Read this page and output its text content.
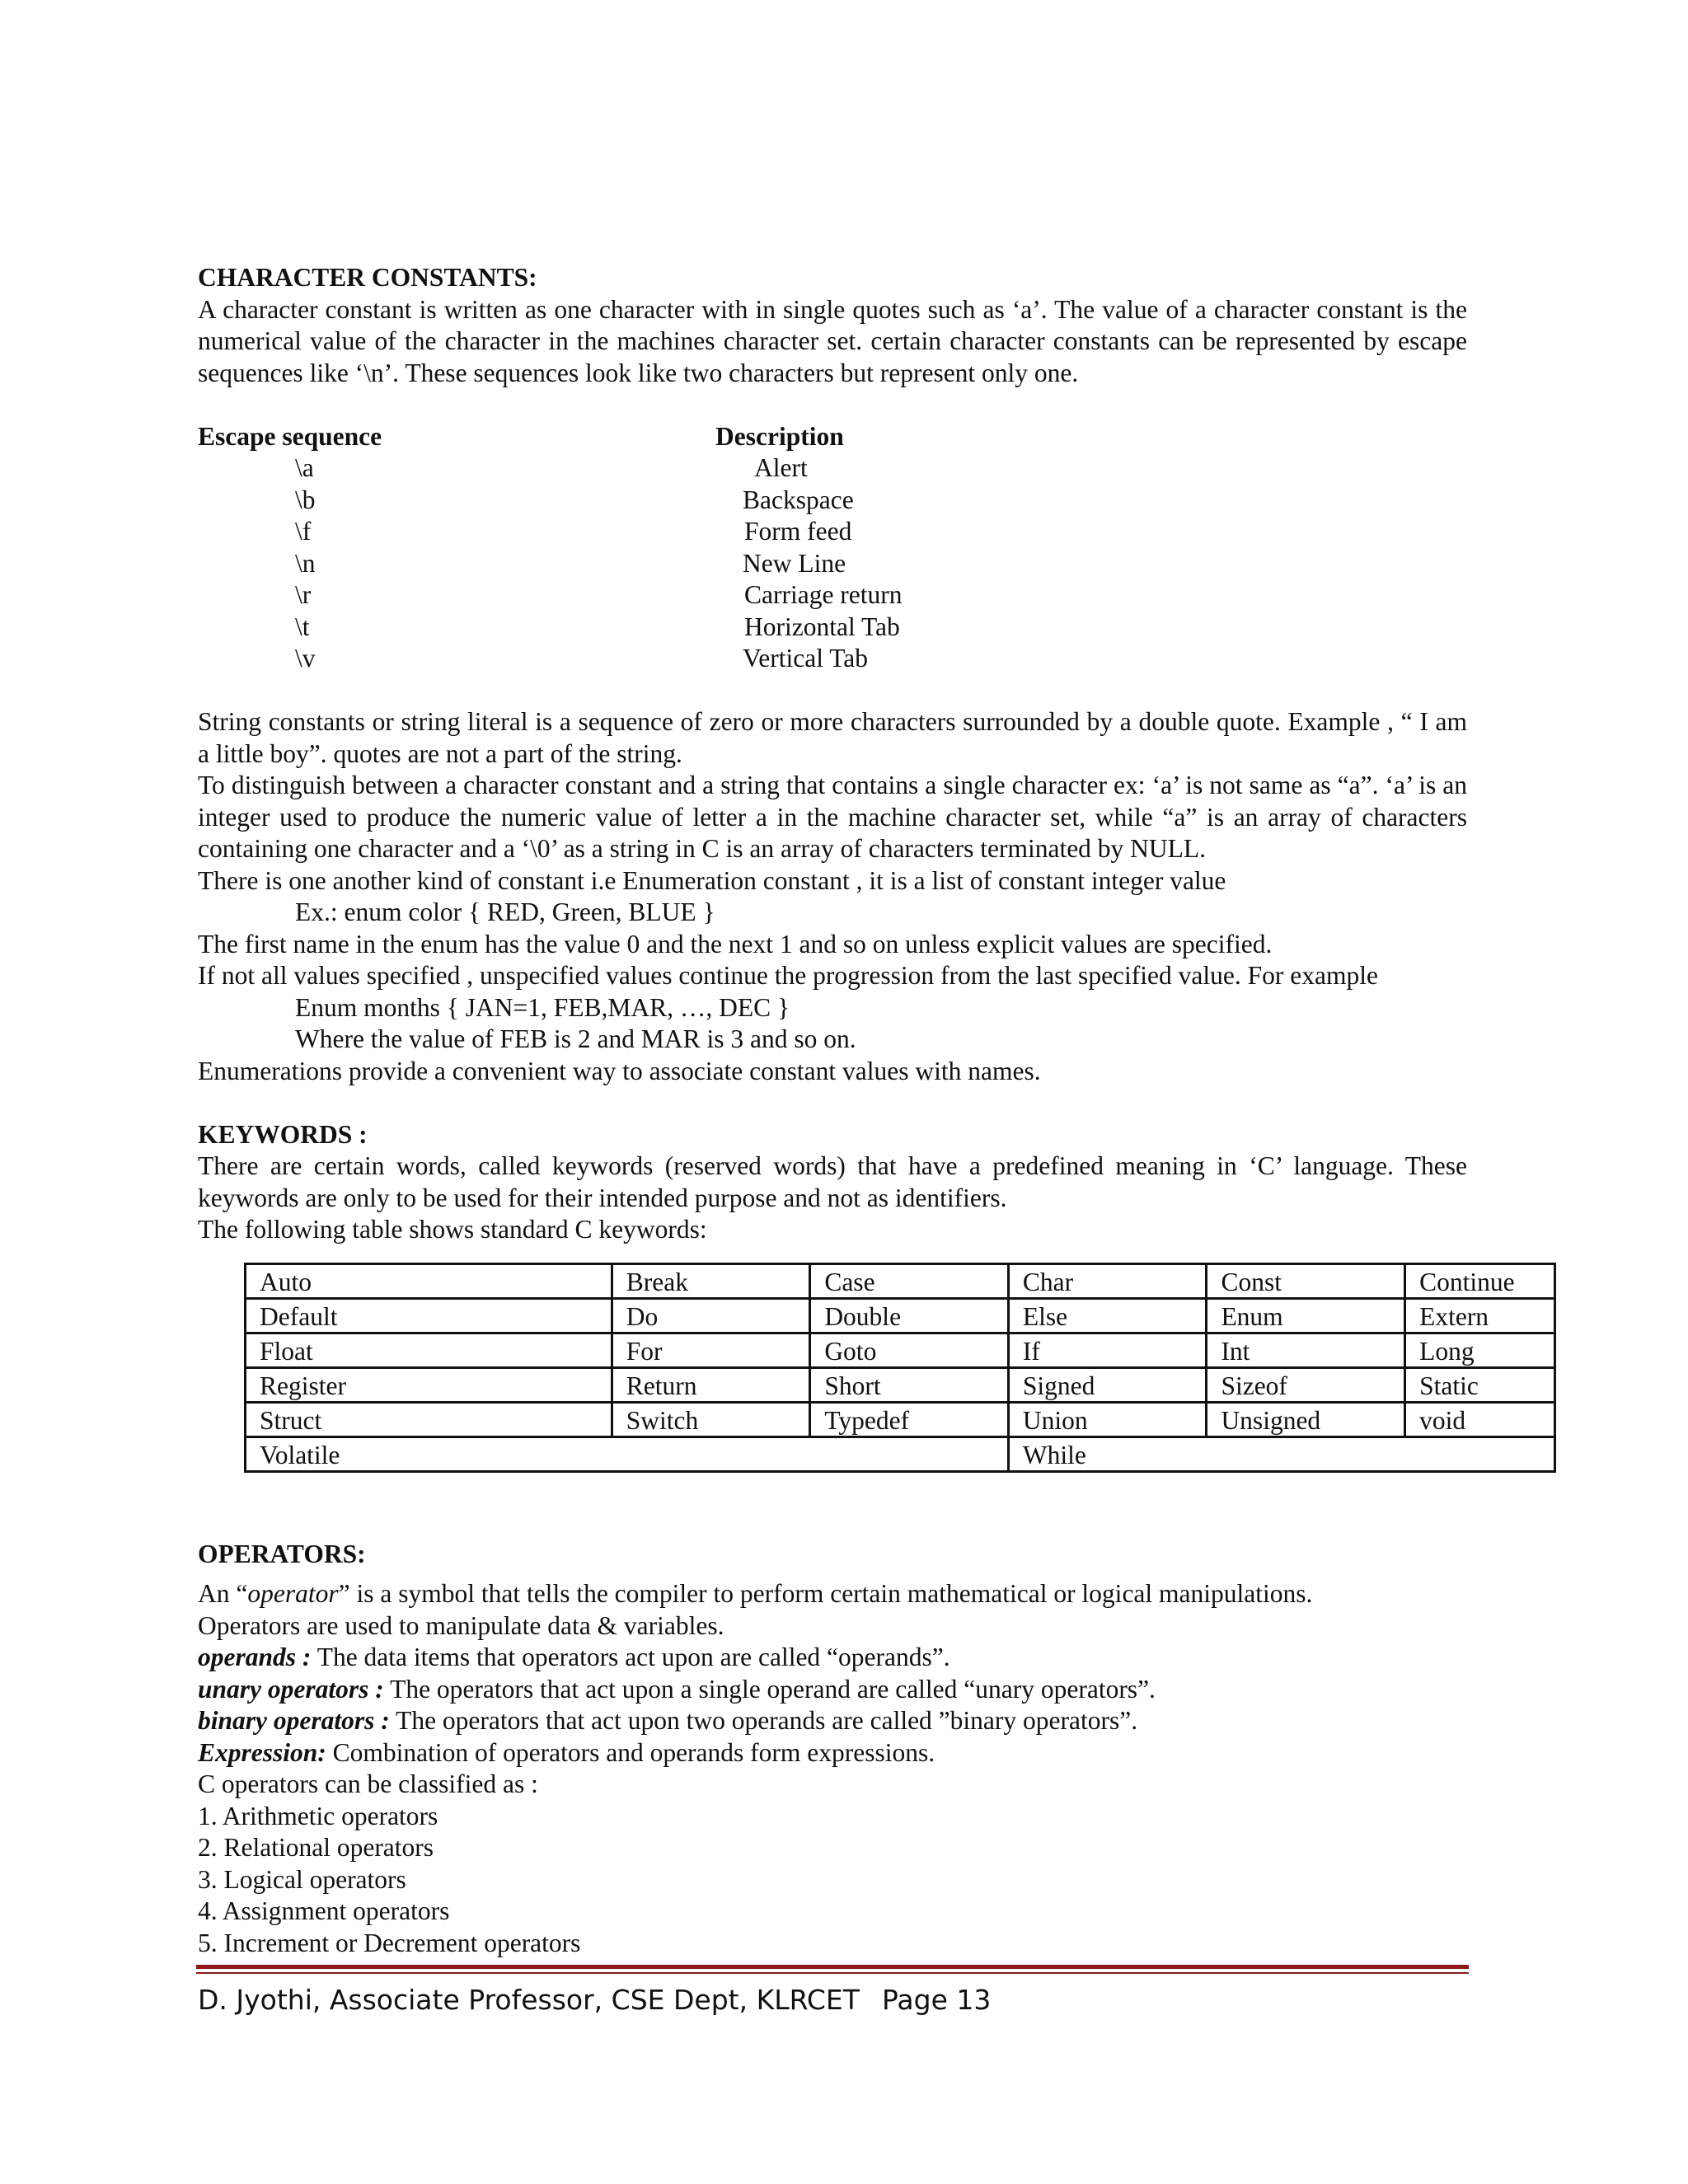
CHARACTER CONSTANTS:

A character constant is written as one character with in single quotes such as ‘a’. The value of a character constant is the numerical value of the character in the machines character set. certain character constants can be represented by escape sequences like ‘\n’. These sequences look like two characters but represent only one.

Escape sequence	Description
\a	Alert
\b	Backspace
\f	Form feed
\n	New Line
\r	Carriage return
\t	Horizontal Tab
\v	Vertical Tab

String constants or string literal is a sequence of zero or more characters surrounded by a double quote. Example , “ I am a little boy”. quotes are not a part of the string.

To distinguish between a character constant and a string that contains a single character ex: ‘a’ is not same as “a”. ‘a’ is an integer used to produce the numeric value of letter a in the machine character set, while “a” is an array of characters containing one character and a ‘\0’ as a string in C is an array of characters terminated by NULL.

There is one another kind of constant i.e Enumeration constant , it is a list of constant integer value

Ex.: enum color { RED, Green, BLUE }

The first name in the enum has the value 0 and the next 1 and so on unless explicit values are specified.

If not all values specified , unspecified values continue the progression from the last specified value. For example

Enum months { JAN=1, FEB,MAR, …, DEC }

Where the value of FEB is 2 and MAR is 3 and so on.

Enumerations provide a convenient way to associate constant values with names.

KEYWORDS :

There are certain words, called keywords (reserved words) that have a predefined meaning in ‘C’ language. These keywords are only to be used for their intended purpose and not as identifiers.

The following table shows standard C keywords:

Auto	Break	Case	Char	Const	Continue
Default	Do	Double	Else	Enum	Extern
Float	For	Goto	If	Int	Long
Register	Return	Short	Signed	Sizeof	Static
Struct	Switch	Typedef	Union	Unsigned	void
Volatile			While		

OPERATORS:

An “operator” is a symbol that tells the compiler to perform certain mathematical or logical manipulations.

Operators are used to manipulate data & variables.

operands : The data items that operators act upon are called “operands”.

unary operators : The operators that act upon a single operand are called “unary operators”.

binary operators : The operators that act upon two operands are called ”binary operators”.

Expression: Combination of operators and operands form expressions.

C operators can be classified as :

1. Arithmetic operators

2. Relational operators

3. Logical operators

4. Assignment operators

5. Increment or Decrement operators

D. Jyothi, Associate Professor, CSE Dept, KLRCET Page 13
